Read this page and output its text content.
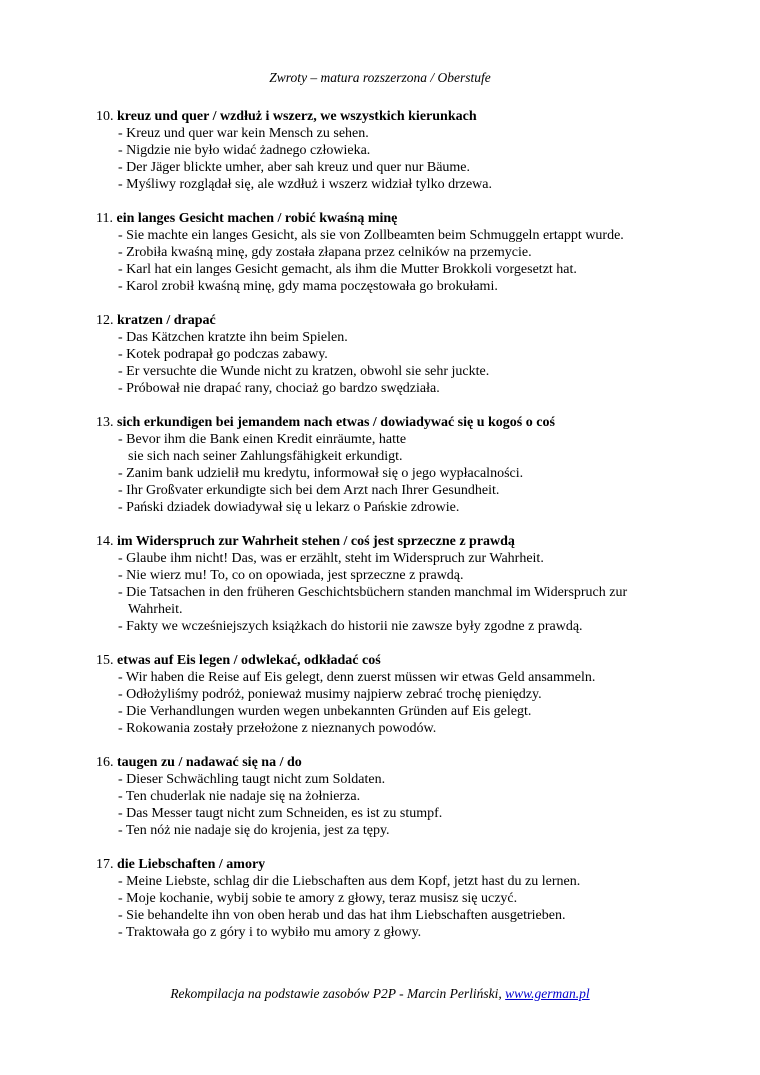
Zwroty – matura rozszerzona / Oberstufe
10. kreuz und quer / wzdłuż i wszerz, we wszystkich kierunkach
- Kreuz und quer war kein Mensch zu sehen.
- Nigdzie nie było widać żadnego człowieka.
- Der Jäger blickte umher, aber sah kreuz und quer nur Bäume.
- Myśliwy rozglądał się, ale wzdłuż i wszerz widział tylko drzewa.
11. ein langes Gesicht machen / robić kwaśną minę
- Sie machte ein langes Gesicht, als sie von Zollbeamten beim Schmuggeln ertappt wurde.
- Zrobiła kwaśną minę, gdy została złapana przez celników na przemycie.
- Karl hat ein langes Gesicht gemacht, als ihm die Mutter Brokkoli vorgesetzt hat.
- Karol zrobił kwaśną minę, gdy mama poczęstowała go brokułami.
12. kratzen / drapać
- Das Kätzchen kratzte ihn beim Spielen.
- Kotek podrapał go podczas zabawy.
- Er versuchte die Wunde nicht zu kratzen, obwohl sie sehr juckte.
- Próbował nie drapać rany, chociaż go bardzo swędziała.
13. sich erkundigen bei jemandem nach etwas / dowiadywać się u kogoś o coś
- Bevor ihm die Bank einen Kredit einräumte, hatte sie sich nach seiner Zahlungsfähigkeit erkundigt.
- Zanim bank udzielił mu kredytu, informował się o jego wypłacalności.
- Ihr Großvater erkundigte sich bei dem Arzt nach Ihrer Gesundheit.
- Pański dziadek dowiadywał się u lekarz o Pańskie zdrowie.
14. im Widerspruch zur Wahrheit stehen / coś jest sprzeczne z prawdą
- Glaube ihm nicht! Das, was er erzählt, steht im Widerspruch zur Wahrheit.
- Nie wierz mu! To, co on opowiada, jest sprzeczne z prawdą.
- Die Tatsachen in den früheren Geschichtsbüchern standen manchmal im Widerspruch zur Wahrheit.
- Fakty we wcześniejszych książkach do historii nie zawsze były zgodne z prawdą.
15. etwas auf Eis legen / odwlekać, odkładać coś
- Wir haben die Reise auf Eis gelegt, denn zuerst müssen wir etwas Geld ansammeln.
- Odłożyliśmy podróż, ponieważ musimy najpierw zebrać trochę pieniędzy.
- Die Verhandlungen wurden wegen unbekannten Gründen auf Eis gelegt.
- Rokowania zostały przełożone z nieznanych powodów.
16. taugen zu / nadawać się na / do
- Dieser Schwächling taugt nicht zum Soldaten.
- Ten chuderlak nie nadaje się na żołnierza.
- Das Messer taugt nicht zum Schneiden, es ist zu stumpf.
- Ten nóż nie nadaje się do krojenia, jest za tępy.
17. die Liebschaften / amory
- Meine Liebste, schlag dir die Liebschaften aus dem Kopf, jetzt hast du zu lernen.
- Moje kochanie, wybij sobie te amory z głowy, teraz musisz się uczyć.
- Sie behandelte ihn von oben herab und das hat ihm Liebschaften ausgetrieben.
- Traktowała go z góry i to wybiło mu amory z głowy.
Rekompilacja na podstawie zasobów P2P - Marcin Perliński, www.german.pl
